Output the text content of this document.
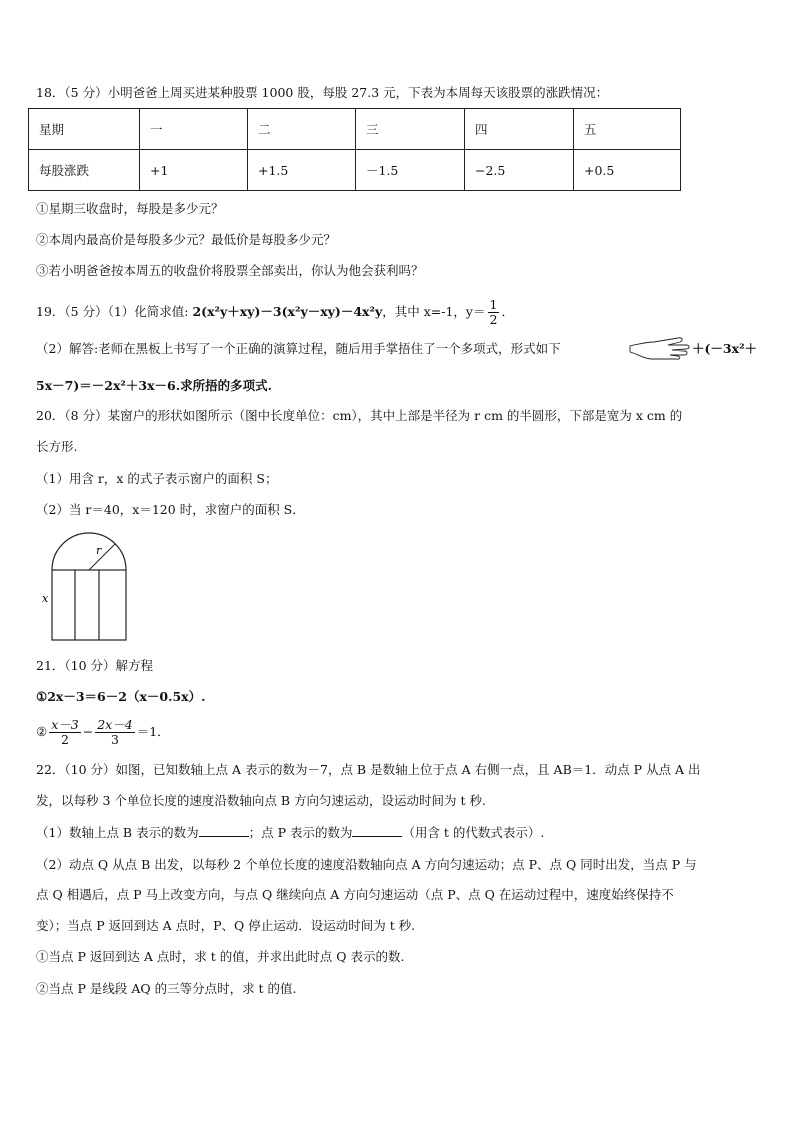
18．（5 分）小明爸爸上周买进某种股票 1000 股，每股 27.3 元，下表为本周每天该股票的涨跌情况：
星期	一	二	三	四	五
每股涨跌	+1	+1.5	－1.5	−2.5	+0.5
①星期三收盘时，每股是多少元？
②本周内最高价是每股多少元？最低价是每股多少元？
③若小明爸爸按本周五的收盘价将股票全部卖出，你认为他会获利吗？
19．（5 分）（1）化简求值: 2(x²y＋xy)－3(x²y－xy)－4x²y，其中 x=-1，$y= \frac{1}{2}$ ．
（2）解答:老师在黑板上书写了一个正确的演算过程，随后用手掌捂住了一个多项式，形式如下	＋(－3x²＋
5x－7)＝－2x²＋3x－6.求所捂的多项式.
20．（8 分）某窗户的形状如图所示（图中长度单位：cm），其中上部是半径为 r cm 的半圆形，下部是宽为 x cm 的
长方形.
（1）用含 r，x 的式子表示窗户的面积 S；
（2）当 r＝40，x＝120 时，求窗户的面积 S．
r
x
21．（10 分）解方程
①2x－3＝6－2（x－0.5x）.
② $\frac{x-3}{2} - \frac{2x-4}{3} =1$．
22．（10 分）如图，已知数轴上点 A 表示的数为－7，点 B 是数轴上位于点 A 右侧一点，且 AB＝1．动点 P 从点 A 出
发，以每秒 3 个单位长度的速度沿数轴向点 B 方向匀速运动，设运动时间为 t 秒.
（1）数轴上点 B 表示的数为	；点 P 表示的数为	（用含 t 的代数式表示）.
（2）动点 Q 从点 B 出发，以每秒 2 个单位长度的速度沿数轴向点 A 方向匀速运动；点 P、点 Q 同时出发，当点 P 与
点 Q 相遇后，点 P 马上改变方向，与点 Q 继续向点 A 方向匀速运动（点 P、点 Q 在运动过程中，速度始终保持不
变）；当点 P 返回到达 A 点时，P、Q 停止运动．设运动时间为 t 秒.
①当点 P 返回到达 A 点时，求 t 的值，并求出此时点 Q 表示的数.
②当点 P 是线段 AQ 的三等分点时，求 t 的值.
